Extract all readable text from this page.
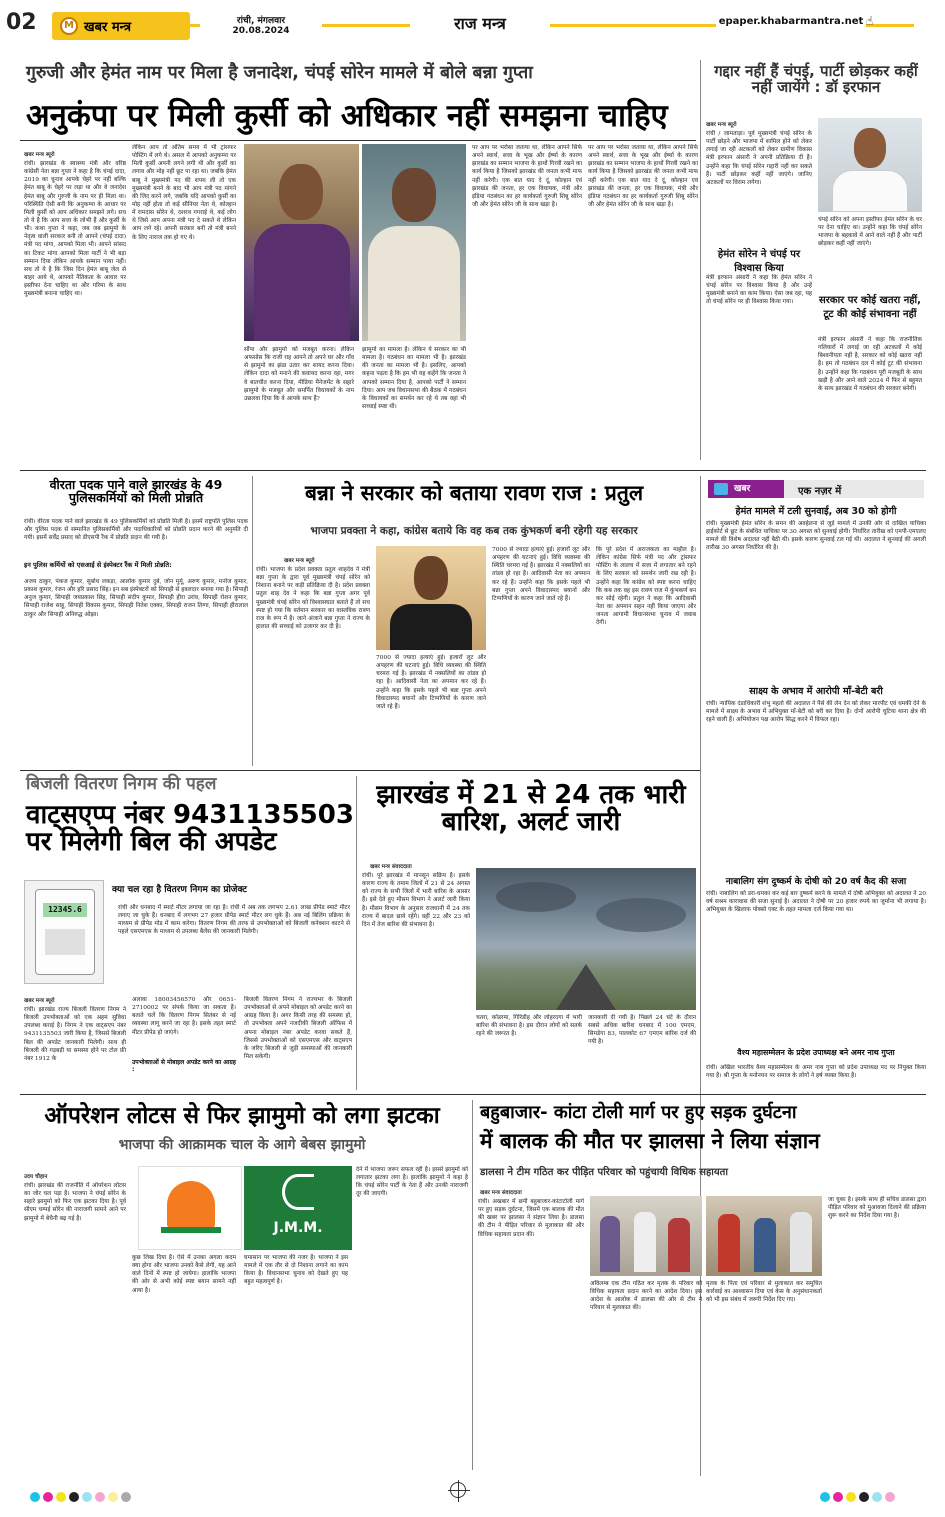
02	M खबर मन्त्र	रांची, मंगलवार
20.08.2024	राज मन्त्र	epaper.khabarmantra.net ☝
गुरुजी और हेमंत नाम पर मिला है जनादेश, चंपई सोरेन मामले में बोले बन्ना गुप्ता
अनुकंपा पर मिली कुर्सी को अधिकार नहीं समझना चाहिए
खबर मन्त्र ब्यूरो
रांची। झारखंड के स्वास्थ्य मंत्री और वरिष्ठ कांग्रेसी नेता बन्ना गुप्ता ने कहा है कि चंपई दादा, 2019 का चुनाव आपके चेहरे पर नहीं बल्कि हेमंत बाबू के चेहरे पर लड़ा था और वे जनादेश हेमंत बाबू और गुरुजी के नाम पर ही मिला था। परिस्थिति ऐसी बनी कि अनुकम्पा के आधार पर मिली कुर्सी को आप अधिकार समझने लगे। सच तो ये है कि आप सत्ता के लोभी हैं और कुर्सी के भी। कथा गुप्ता ने कहा, जब जब झामुमो के नेतृत्व वाली सरकार बनी तो आपने (चंपई दादा) मंत्री पद मांगा, आपको मिला भी। आपने सांसद का टिकट मांगा आपको मिला पार्टी ने भी बड़ा सम्मान दिया लेकिन आपके सम्मान पाया नहीं। सच तो ये है कि जिस दिन हेमंत बाबू जेल से बाहर आये थे, आपको नैतिकता के आधार पर इस्तीफा देना चाहिए था और गरिमा के साथ मुख्यमंत्री बनाना चाहिए था।
लेकिन आप तो अंतिम समय में भी ट्रांसफर पोस्टिंग में लगे थे। असल में आपको अनुकम्पा पर मिली कुर्सी अपनी लगने लगी थी और कुर्सी का लगाव और मोह नहीं छूट पा रहा था। जबकि हेमंत बाबू ने मुख्यमंत्री पद की शपथ ली तो एक मुख्यमंत्री बनने के बाद भी आप मंत्री पद मांगने की जिद करने लगे, जबकि यदि आपको कुर्सी का मोह नहीं होता तो कई सीनियर नेता थे, कोल्हान में रामदास सोरेन थे, दशरथ गगराई थे, कई लोग थे जिसे आप अपना मंत्री पद दे सकते थे लेकिन आप लगे रहे। अपनी सरकार बनी तो मंत्री बनने के लिए नाराज तक हो गए थे।
सौंपा और झामुमो को मजबूत करना। लेकिन अफसोस कि राजी राह आपने तो अपने घर और गाँव से झामुमो का झंडा उतार कर शायद करना दिया। लेकिन दादा को मनाने की कवायद करना रहा, मगर वे बातचीत करना दिया, मीडिया मैनेजमेंट के सहारे झामुमो के मजबूत और समर्पित विधायकों के नाम उछलवा दिया कि वे आपके साथ हैं?
झामुमो का मामला है। लेकिन ये सरकार का भी मामला है। गठबंधन का मामला भी है। झारखंड की जनता का मामला भी है। इसलिए, आपको कहना पड़ता है कि हम भी यह कहेंगे कि जनता ने आपको सम्मान दिया है, आपको पार्टी ने सम्मान दिया। आप जब विधानसभा की बैठक में गठबंधन के विधायकों का समर्थन कर रहे थे तब वहां भी सच्चाई स्पष्ट थी।
पर आप पर भरोसा जताया था, लेकिन आपने सिर्फ अपने स्वार्थ, सत्ता के भूख और ईर्ष्या के कारण झारखंड का सम्मान भाजपा के हाथों गिरवी रखने का कार्य किया है जिसको झारखंड की जनता कभी माफ नहीं करेगी। एक बात याद दे दूं, कोल्हान एवं झारखंड की जनता, हर एक विधायक, मंत्री और इंडिया गठबंधन का हर कार्यकर्ता गुरुजी शिबू सोरेन जी और हेमंत सोरेन जी के साथ खड़ा है।
पर आप पर भरोसा जताया था, लेकिन आपने सिर्फ अपने स्वार्थ, सत्ता के भूख और ईर्ष्या के कारण झारखंड का सम्मान भाजपा के हाथों गिरवी रखने का कार्य किया है जिसको झारखंड की जनता कभी माफ नहीं करेगी। एक बात याद दे दूं, कोल्हान एवं झारखंड की जनता, हर एक विधायक, मंत्री और इंडिया गठबंधन का हर कार्यकर्ता गुरुजी शिबू सोरेन जी और हेमंत सोरेन जी के साथ खड़ा है।
गद्दार नहीं हैं चंपई, पार्टी छोड़कर कहीं नहीं जायेंगे : डॉ इरफान
खबर मन्त्र ब्यूरो
रांची / जामताड़ा। पूर्व मुख्यमंत्री चंपई सोरेन के पार्टी छोड़ने और भाजपा में शामिल होने को लेकर लगाई जा रही अटकलों को लेकर ग्रामीण विकास मंत्री इरफान अंसारी ने अपनी प्रतिक्रिया दी है। उन्होंने कहा कि चंपई सोरेन गद्दारी नहीं कर सकते हैं। पार्टी छोड़कर कहीं नहीं जाएंगे। जानिए अटकलों पर विराम लगेगा।
हेमंत सोरेन ने चंपई पर विश्वास किया
मंत्री इरफान अंसारी ने कहा कि हेमंत सोरेन ने चंपई सोरेन पर विश्वास किया है और उन्हें मुख्यमंत्री बनाने का काम किया। ऐसा जब रहा, यह तो चंपई सोरेन पर ही विश्वास किया गया।
चंपई सोरेन को अपना इस्तीफा हेमंत सोरेन के घर पर देना चाहिए था। उन्होंने कहा कि चंपई सोरेन भाजपा के बहकावे में आने वाले नहीं हैं और पार्टी छोड़कर कहीं नहीं जाएंगे।
सरकार पर कोई खतरा नहीं, टूट की कोई संभावना नहीं
मंत्री इरफान अंसारी ने कहा कि राजनीतिक गलियारों में लगाई जा रही अटकलों में कोई बिश्वनीयता नहीं है, सरकार को कोई खतरा नहीं है। हम तो गठबंधन दल में कोई टूट की संभावना है। उन्होंने कहा कि गठबंधन पूरी मजबूती के साथ खड़ी है और आने वाले 2024 में फिर से बहुमत के साथ झारखंड में गठबंधन की सरकार बनेगी।
वीरता पदक पाने वाले झारखंड के 49 पुलिसकर्मियों को मिली प्रोन्नति
रांची। वीरता पदक पाने वाले झारखंड के 49 पुलिसकर्मियों को प्रोन्नति मिली है। इसमें राष्ट्रपति पुलिस पदक और पुलिस पदक से सम्मानित पुलिसकर्मियों और पदाधिकारियों को प्रोन्नति प्रदान करने की अनुमति दी गयी। इसमें सर्वेंद्र प्रसाद को डीएसपी रैंक में प्रोन्नति प्रदान की गयी है।
इन पुलिस कर्मियों को एसआई से इंस्पेक्टर रैंक में मिली प्रोन्नति:
अजय ठाकुर, पंकज कुमार, सुबोध लकड़ा, आलोक कुमार दुबे, जोन मुर्मू, अरुण कुमार, मनोज कुमार, प्रकाश कुमार, रंजन और हरि प्रसाद सिंह। इन सब इंस्पेक्टरों को सिपाही से हवलदार बनाया गया है। सिपाही अनुज कुमार, सिपाही जयप्रकाश सिंह, सिपाही संदीप कुमार, सिपाही हीरा उरांव, सिपाही रोशन कुमार, सिपाही राजेश साहू, सिपाही विकास कुमार, सिपाही नितेश एक्का, सिपाही राजन तिग्गा, सिपाही हीरालाल ठाकुर और सिपाही अनिरुद्ध ओझा।
बन्ना ने सरकार को बताया रावण राज : प्रतुल
भाजपा प्रवक्ता ने कहा, कांग्रेस बताये कि वह कब तक कुंभकर्ण बनी रहेगी यह सरकार
खबर मन्त्र ब्यूरो
रांची। भाजपा के प्रदेश प्रवक्ता प्रतुल शाहदेव ने मंत्री बन्ना गुप्ता के द्वारा पूर्व मुख्यमंत्री चंपई सोरेन को निशाना बनाने पर कड़ी प्रतिक्रिया दी है। प्रदेश प्रवक्ता प्रतुल शाह देव ने कहा कि बन्ना गुप्ता अगर पूर्व मुख्यमंत्री चंपई सोरेन को विश्वासघात बताते हैं तो सच स्पष्ट हो गया कि वर्तमान सरकार का वास्तविक रावण राज के रूप में है। जाने अंजाने बन्ना गुप्ता ने राज्य के हालात की सच्चाई को उजागर कर दी है।
7000 से ज्यादा हत्याएं हुई। हजारों लूट और अपहरण की घटनाएं हुई। विधि व्यवस्था की स्थिति चरमरा गई है। झारखंड में नक्सलियों का तांडव हो रहा है। आदिवासी नेता का अपमान कर रहे हैं। उन्होंने कहा कि इसके पहले भी बन्ना गुप्ता अपने विवादास्पद बयानों और टिप्पणियों के कारण जाने जाते रहे हैं।
7000 से ज्यादा हत्याएं हुई। हजारों लूट और अपहरण की घटनाएं हुई। विधि व्यवस्था की स्थिति चरमरा गई है। झारखंड में नक्सलियों का तांडव हो रहा है। आदिवासी नेता का अपमान कर रहे हैं। उन्होंने कहा कि इसके पहले भी बन्ना गुप्ता अपने विवादास्पद बयानों और टिप्पणियों के कारण जाने जाते रहे हैं।
कि पूरे प्रदेश में अराजकता का माहौल है। लेकिन कांग्रेस सिर्फ मंत्री पद और ट्रांसफर पोस्टिंग के लालच में सत्ता में लगातार बने रहने के लिए सरकार को समर्थन जारी रख रही है। उन्होंने कहा कि कांग्रेस को स्पष्ट करना चाहिए कि कब तक वह इस रावण राज में कुंभकर्ण बन कर सोई रहेगी। प्रतुल ने कहा कि आदिवासी नेता का अपमान सहन नहीं किया जाएगा और जनता आगामी विधानसभा चुनाव में जवाब देगी।
खबर	एक नज़र में
हेमंत मामले में टली सुनवाई, अब 30 को होगी
रांची। मुख्यमंत्री हेमंत सोरेन के समन की अवहेलना से जुड़े मामले में उनकी ओर से दाखिल याचिका हाईकोर्ट से छूट के संबंधित याचिका पर 30 अगस्त को सुनवाई होगी। निर्धारित तारीख को एमपी-एमएलए मामले की विशेष अदालत नहीं बैठी थी। इसके कारण सुनवाई टल गई थी। अदालत ने सुनवाई की अगली तारीख 30 अगस्त निर्धारित की है।
साक्ष्य के अभाव में आरोपी माँ-बेटी बरी
रांची। न्यायिक दंडाधिकारी शंभु महतो की अदालत ने पैसे की लेन देन को लेकर मारपीट एवं धमकी देने के मामले में साक्ष्य के अभाव में अभियुक्त माँ-बेटी को बरी कर दिया है। दोनों आरोपी चुटिया थाना क्षेत्र की रहने वाली हैं। अभियोजन पक्ष आरोप सिद्ध करने में विफल रहा।
नाबालिग संग दुष्कर्म के दोषी को 20 वर्ष कैद की सजा
रांची। नाबालिग को डरा-धमका कर कई बार दुष्कर्म करने के मामले में दोषी अभियुक्त को अदालत ने 20 वर्ष सश्रम कारावास की सजा सुनाई है। अदालत ने दोषी पर 20 हजार रुपये का जुर्माना भी लगाया है। अभियुक्त के खिलाफ पोक्सो एक्ट के तहत मामला दर्ज किया गया था।
वैश्य महासम्मेलन के प्रदेश उपाध्यक्ष बने अमर नाथ गुप्ता
रांची। अखिल भारतीय वैश्य महासम्मेलन के अमर नाथ गुप्ता को प्रदेश उपाध्यक्ष पद पर नियुक्त किया गया है। श्री गुप्ता के मनोनयन पर समाज के लोगों ने हर्ष व्यक्त किया है।
बिजली वितरण निगम की पहल
वाट्सएप्प नंबर 9431135503 पर मिलेगी बिल की अपडेट
12345.6
क्या चल रहा है वितरण निगम का प्रोजेक्ट
रांची और धनबाद में स्मार्ट मीटर लगाया जा रहा है। रांची में अब तक लगभग 2.61 लाख प्रीपेड स्मार्ट मीटर लगाए जा चुके हैं। धनबाद में लगभग 27 हजार प्रीपेड स्मार्ट मीटर लग चुके हैं। अब नई बिलिंग प्रक्रिया के माध्यम से प्रीपेड मोड में काम करेगा। वितरण निगम की तरफ से उपभोक्ताओं को बिजली कनेक्शन काटने से पहले एसएमएस के माध्यम से उपलब्ध बैलेंस की जानकारी मिलेगी।
खबर मन्त्र ब्यूरो
रांची। झारखंड राज्य बिजली वितरण निगम ने बिजली उपभोक्ताओं को एक अहम सुविधा उपलब्ध कराई है। निगम ने एक वाट्सएप नंबर 9431135503 जारी किया है, जिससे बिजली बिल की अपडेट जानकारी मिलेगी। साथ ही बिजली की गड़बड़ी या समस्या होने पर टोल फ्री नंबर 1912 के
अलावा 18003456570 और 0651-2710002 पर संपर्क किया जा सकता है। बताते चलें कि वितरण निगम सितंबर से नई व्यवस्था लागू करने जा रहा है। इसके तहत स्मार्ट मीटर प्रीपेड हो जाएंगे।
उपभोक्ताओं से मोबाइल अपडेट करने का आग्रह :
बिजली वितरण निगम ने राज्यभर के बिजली उपभोक्ताओं से अपने मोबाइल को अपडेट करने का आग्रह किया है। अगर किसी तरह की समस्या हो, तो उपभोक्ता अपने नजदीकी बिजली ऑफिस में अपना मोबाइल नंबर अपडेट करवा सकते हैं, जिससे उपभोक्ताओं को एसएमएस और वाट्सएप के जरिए बिजली से जुड़ी समस्याओं की जानकारी मिल सकेगी।
झारखंड में 21 से 24 तक भारी बारिश, अलर्ट जारी
खबर मन्त्र संवाददाता
रांची। पूरे झारखंड में मानसून सक्रिय है। इसके कारण राज्य के तमाम जिलों में 21 से 24 अगस्त को राज्य के सभी जिलों में भारी बारिश के आसार हैं। इसे देते हुए मौसम विभाग ने अलर्ट जारी किया है। मौसम विभाग के अनुसार राजधानी में 24 तक राज्य में बादल छाये रहेंगे। वहीं 22 और 23 को दिन में तेज बारिश की संभावना है।
चतरा, कोडरमा, गिरिडीह और लोहरदगा में भारी बारिश की संभावना है। इस दौरान लोगों को सतर्क रहने की जरूरत है।
जानकारी दी गयी है। पिछले 24 घंटे के दौरान सबसे अधिक बारिश धनबाद में 100 एमएम, सिमडेगा 83, पालकोट 67 एमएम बारिश दर्ज की गयी है।
ऑपरेशन लोटस से फिर झामुमो को लगा झटका
भाजपा की आक्रामक चाल के आगे बेबस झामुमो
उदय चौहान
रांची। झारखंड की राजनीति में ऑपरेशन लोटस का जोर चल पड़ा है। भाजपा ने चंपई सोरेन के सहारे झामुमो को फिर एक झटका दिया है। पूर्व सीएम चम्पई सोरेन की नाराजगी सामने आने पर झामुमो में बेचैनी बढ़ गई है।
J.M.M.
कुछ लिख दिया है। ऐसे में उनका अगला कदम क्या होगा और भाजपा उनको कैसे लेगी, यह आने वाले दिनों में स्पष्ट हो जायेगा। हालांकि भाजपा की ओर से अभी कोई स्पष्ट बयान सामने नहीं आया है।
घमासान पर भाजपा की नजर है। भाजपा ने इस मामले में एक तीर से दो निशाना लगाने का काम किया है। विधानसभा चुनाव को देखते हुए यह बहुत महत्वपूर्ण है।
देने में भाजपा जरूर सफल रही है। इससे झामुमो को लगातार झटका लगा है। हालांकि झामुमो ने कहा है कि चंपई सोरेन पार्टी के नेता हैं और उनकी नाराजगी दूर की जाएगी।
बहुबाजार- कांटा टोली मार्ग पर हुए सड़क दुर्घटना
में बालक की मौत पर झालसा ने लिया संज्ञान
डालसा ने टीम गठित कर पीड़ित परिवार को पहुंचायी विधिक सहायता
खबर मन्त्र संवाददाता
रांची। अखबार में छपी बहुबाजार-कांटाटोली मार्ग पर हुए सड़क दुर्घटना, जिसमें एक बालक की मौत की खबर पर झालसा ने संज्ञान लिया है। डालसा की टीम ने पीड़ित परिवार से मुलाकात की और विधिक सहायता प्रदान की।
अविलम्ब एक टीम गठित कर मृतक के परिवार को विधिक सहायता प्रदान करने का आदेश दिया। इस आदेश के आलोक में डालसा की ओर से टीम ने परिवार से मुलाकात की।
मृतक के पिता एवं परिवार से मुलाकात कर समुचित कार्रवाई का आश्वासन दिया एवं केस के अनुसंधानकर्ता को भी इस संबंध में जरूरी निर्देश दिए गए।
जा चुका है। इसके साथ ही सचिव डालसा द्वारा पीड़ित परिवार को मुआवजा दिलाने की प्रक्रिया शुरू करने का निर्देश दिया गया है।
